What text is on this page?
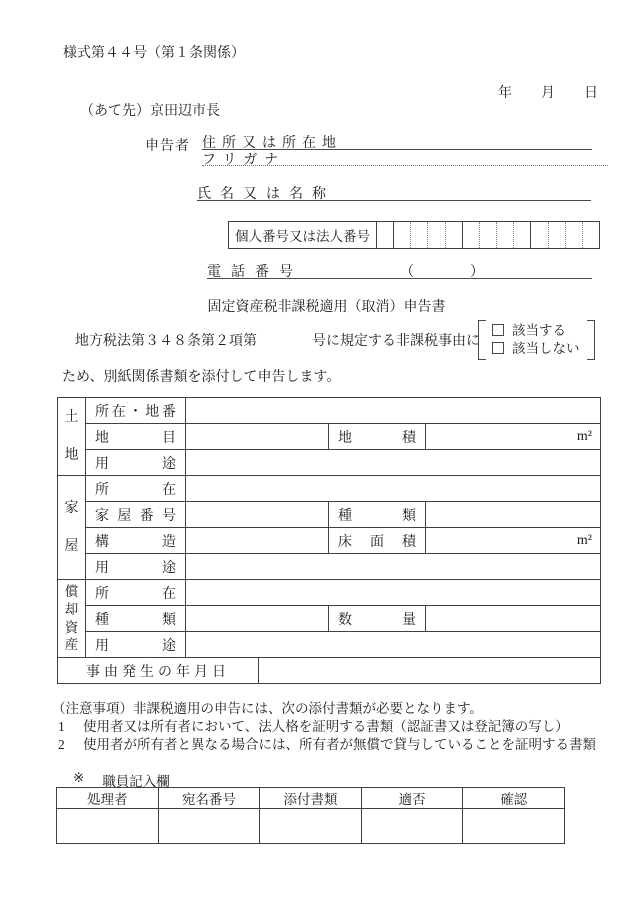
様式第４４号（第１条関係）
年 月 日
（あて先）京田辺市長
申告者 住所又は所在地
フリガナ
氏名又は名称
個人番号又は法人番号
電話番号	（	）
固定資産税非課税適用（取消）申告書
地方税法第３４８条第２項第	号に規定する非課税事由に
該当する
該当しない
ため、別紙関係書類を添付して申告します。
土地	所在・地番			
	地目		地積	m²
	用途			

家屋	所在			
	家屋番号		種類	
	構造		床面積	m²
	用途			

償却資産	所在			
	種類		数量	
	用途			
事由発生の年月日	
（注意事項）非課税適用の申告には、次の添付書類が必要となります。
1 使用者又は所有者において、法人格を証明する書類（認証書又は登記簿の写し）
2 使用者が所有者と異なる場合には、所有者が無償で貸与していることを証明する書類
※ 職員記入欄
処理者	宛名番号	添付書類	適否	確認
